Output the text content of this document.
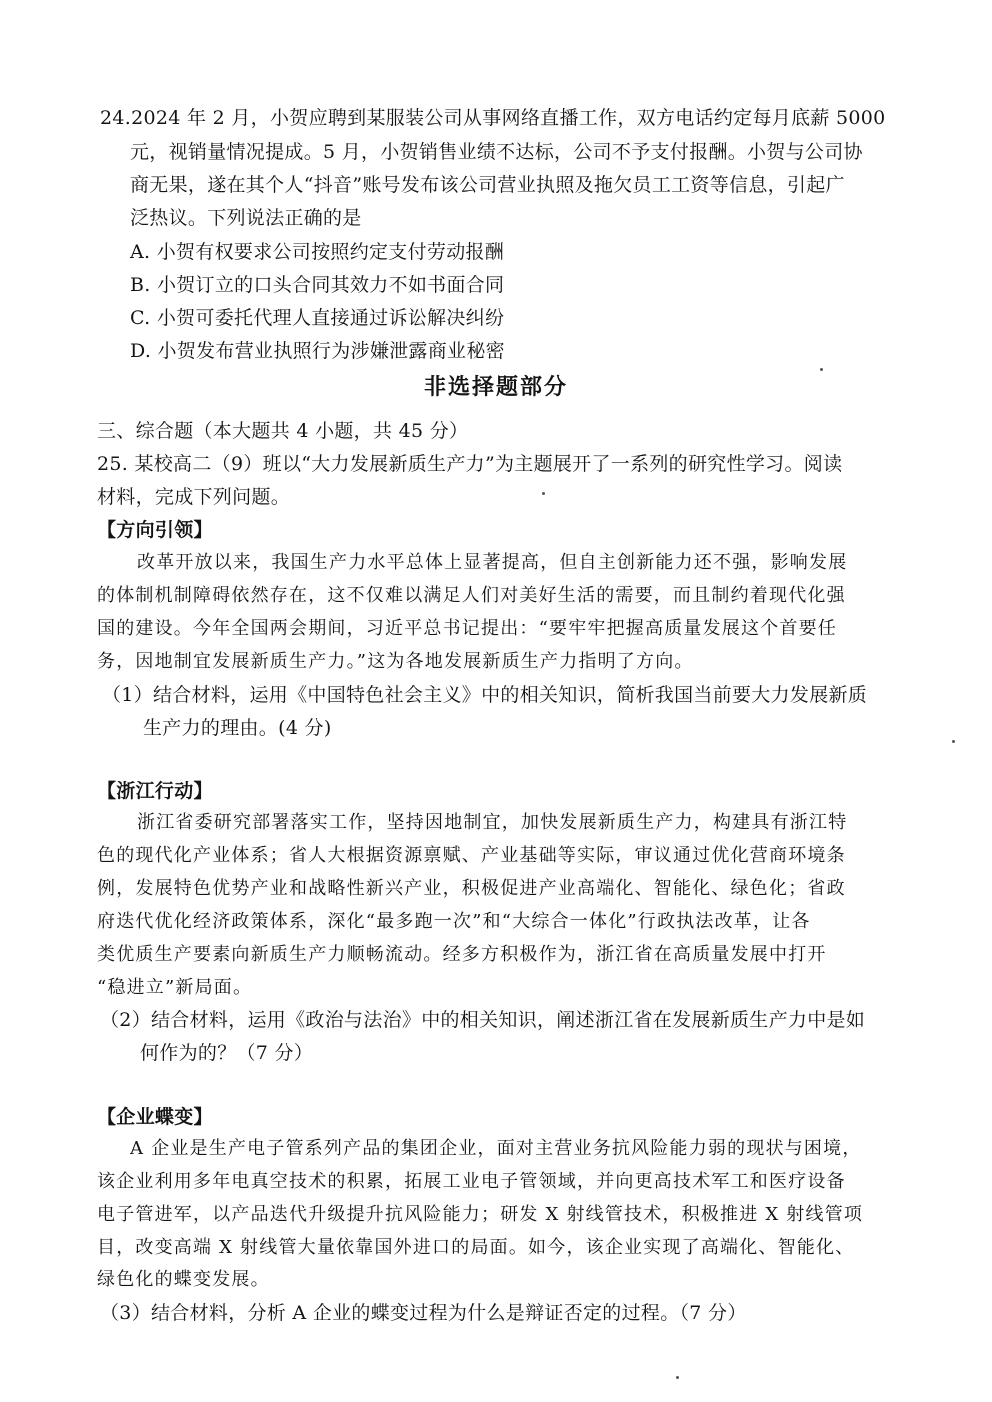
24.2024 年 2 月，小贺应聘到某服装公司从事网络直播工作，双方电话约定每月底薪 5000
元，视销量情况提成。5 月，小贺销售业绩不达标，公司不予支付报酬。小贺与公司协
商无果，遂在其个人“抖音”账号发布该公司营业执照及拖欠员工工资等信息，引起广
泛热议。下列说法正确的是
A. 小贺有权要求公司按照约定支付劳动报酬
B. 小贺订立的口头合同其效力不如书面合同
C. 小贺可委托代理人直接通过诉讼解决纠纷
D. 小贺发布营业执照行为涉嫌泄露商业秘密
非选择题部分
三、综合题（本大题共 4 小题，共 45 分）
25. 某校高二（9）班以“大力发展新质生产力”为主题展开了一系列的研究性学习。阅读
材料，完成下列问题。
【方向引领】
改革开放以来，我国生产力水平总体上显著提高，但自主创新能力还不强，影响发展
的体制机制障碍依然存在，这不仅难以满足人们对美好生活的需要，而且制约着现代化强
国的建设。今年全国两会期间，习近平总书记提出：“要牢牢把握高质量发展这个首要任
务，因地制宜发展新质生产力。”这为各地发展新质生产力指明了方向。
（1）结合材料，运用《中国特色社会主义》中的相关知识，简析我国当前要大力发展新质
生产力的理由。(4 分)
【浙江行动】
浙江省委研究部署落实工作，坚持因地制宜，加快发展新质生产力，构建具有浙江特
色的现代化产业体系；省人大根据资源禀赋、产业基础等实际，审议通过优化营商环境条
例，发展特色优势产业和战略性新兴产业，积极促进产业高端化、智能化、绿色化；省政
府迭代优化经济政策体系，深化“最多跑一次”和“大综合一体化”行政执法改革，让各
类优质生产要素向新质生产力顺畅流动。经多方积极作为，浙江省在高质量发展中打开
“稳进立”新局面。
（2）结合材料，运用《政治与法治》中的相关知识，阐述浙江省在发展新质生产力中是如
何作为的？（7 分）
【企业蝶变】
A 企业是生产电子管系列产品的集团企业，面对主营业务抗风险能力弱的现状与困境，
该企业利用多年电真空技术的积累，拓展工业电子管领域，并向更高技术军工和医疗设备
电子管进军，以产品迭代升级提升抗风险能力；研发 X 射线管技术，积极推进 X 射线管项
目，改变高端 X 射线管大量依靠国外进口的局面。如今，该企业实现了高端化、智能化、
绿色化的蝶变发展。
（3）结合材料，分析 A 企业的蝶变过程为什么是辩证否定的过程。（7 分）
